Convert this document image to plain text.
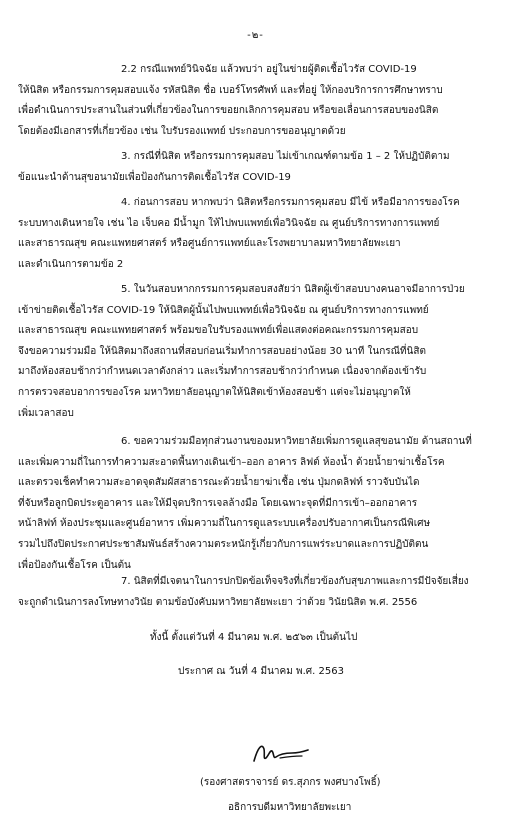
-๒-
2.2 กรณีแพทย์วินิจฉัย แล้วพบว่า อยู่ในข่ายผู้ติดเชื้อไวรัส COVID-19
ให้นิสิต หรือกรรมการคุมสอบแจ้ง รหัสนิสิต ชื่อ เบอร์โทรศัพท์ และที่อยู่ ให้กองบริการการศึกษาทราบ
เพื่อดำเนินการประสานในส่วนที่เกี่ยวข้องในการขอยกเลิกการคุมสอบ หรือขอเลื่อนการสอบของนิสิต
โดยต้องมีเอกสารที่เกี่ยวข้อง เช่น ใบรับรองแพทย์ ประกอบการขออนุญาตด้วย
3. กรณีที่นิสิต หรือกรรมการคุมสอบ ไม่เข้าเกณฑ์ตามข้อ 1 – 2 ให้ปฏิบัติตาม
ข้อแนะนำด้านสุขอนามัยเพื่อป้องกันการติดเชื้อไวรัส COVID-19
4. ก่อนการสอบ หากพบว่า นิสิตหรือกรรมการคุมสอบ มีไข้ หรือมีอาการของโรค
ระบบทางเดินหายใจ เช่น ไอ เจ็บคอ มีน้ำมูก ให้ไปพบแพทย์เพื่อวินิจฉัย ณ ศูนย์บริการทางการแพทย์
และสาธารณสุข คณะแพทยศาสตร์ หรือศูนย์การแพทย์และโรงพยาบาลมหาวิทยาลัยพะเยา
และดำเนินการตามข้อ 2
5. ในวันสอบหากกรรมการคุมสอบสงสัยว่า นิสิตผู้เข้าสอบบางคนอาจมีอาการป่วย
เข้าข่ายติดเชื้อไวรัส COVID-19 ให้นิสิตผู้นั้นไปพบแพทย์เพื่อวินิจฉัย ณ ศูนย์บริการทางการแพทย์
และสาธารณสุข คณะแพทยศาสตร์ พร้อมขอใบรับรองแพทย์เพื่อแสดงต่อคณะกรรมการคุมสอบ
จึงขอความร่วมมือ ให้นิสิตมาถึงสถานที่สอบก่อนเริ่มทำการสอบอย่างน้อย 30 นาที ในกรณีที่นิสิต
มาถึงห้องสอบช้ากว่ากำหนดเวลาดังกล่าว และเริ่มทำการสอบช้ากว่ากำหนด เนื่องจากต้องเข้ารับ
การตรวจสอบอาการของโรค มหาวิทยาลัยอนุญาตให้นิสิตเข้าห้องสอบช้า แต่จะไม่อนุญาตให้
เพิ่มเวลาสอบ
6. ขอความร่วมมือทุกส่วนงานของมหาวิทยาลัยเพิ่มการดูแลสุขอนามัย ด้านสถานที่
และเพิ่มความถี่ในการทำความสะอาดพื้นทางเดินเข้า–ออก อาคาร ลิฟต์ ห้องน้ำ ด้วยน้ำยาฆ่าเชื้อโรค
และตรวจเช็คทำความสะอาดจุดสัมผัสสาธารณะด้วยน้ำยาฆ่าเชื้อ เช่น ปุ่มกดลิฟท์ ราวจับบันได
ที่จับหรือลูกบิดประตูอาคาร และให้มีจุดบริการเจลล้างมือ โดยเฉพาะจุดที่มีการเข้า–ออกอาคาร
หน้าลิฟท์ ห้องประชุมและศูนย์อาหาร เพิ่มความถี่ในการดูแลระบบเครื่องปรับอากาศเป็นกรณีพิเศษ
รวมไปถึงปิดประกาศประชาสัมพันธ์สร้างความตระหนักรู้เกี่ยวกับการแพร่ระบาดและการปฏิบัติตน
เพื่อป้องกันเชื้อโรค เป็นต้น
7. นิสิตที่มีเจตนาในการปกปิดข้อเท็จจริงที่เกี่ยวข้องกับสุขภาพและการมีปัจจัยเสี่ยง
จะถูกดำเนินการลงโทษทางวินัย ตามข้อบังคับมหาวิทยาลัยพะเยา ว่าด้วย วินัยนิสิต พ.ศ. 2556
ทั้งนี้ ตั้งแต่วันที่ 4 มีนาคม พ.ศ. ๒๕๖๓ เป็นต้นไป
ประกาศ ณ วันที่ 4 มีนาคม พ.ศ. 2563
(รองศาสตราจารย์ ดร.สุภกร พงศบางโพธิ์)
อธิการบดีมหาวิทยาลัยพะเยา
